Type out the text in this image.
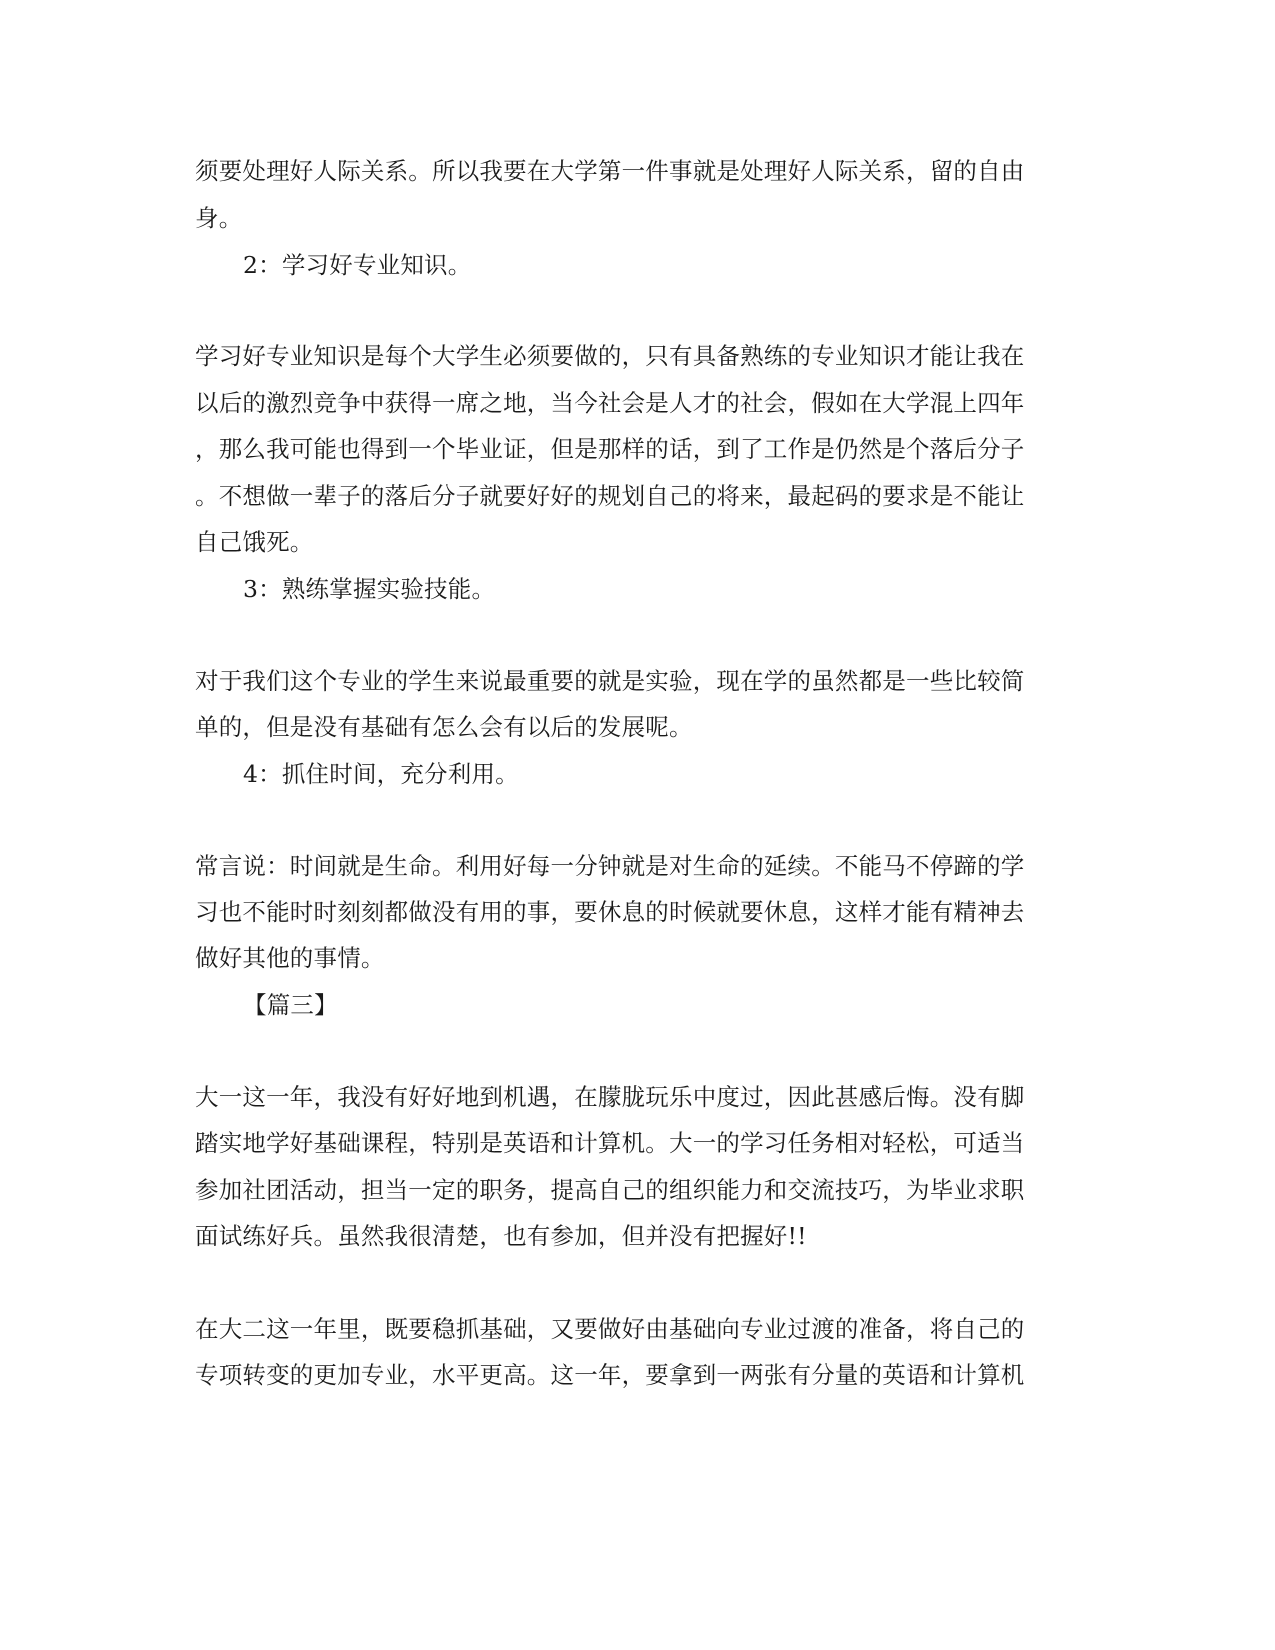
须要处理好人际关系。所以我要在大学第一件事就是处理好人际关系，留的自由
身。
2：学习好专业知识。
学习好专业知识是每个大学生必须要做的，只有具备熟练的专业知识才能让我在
以后的激烈竞争中获得一席之地，当今社会是人才的社会，假如在大学混上四年
，那么我可能也得到一个毕业证，但是那样的话，到了工作是仍然是个落后分子
。不想做一辈子的落后分子就要好好的规划自己的将来，最起码的要求是不能让
自己饿死。
3：熟练掌握实验技能。
对于我们这个专业的学生来说最重要的就是实验，现在学的虽然都是一些比较简
单的，但是没有基础有怎么会有以后的发展呢。
4：抓住时间，充分利用。
常言说：时间就是生命。利用好每一分钟就是对生命的延续。不能马不停蹄的学
习也不能时时刻刻都做没有用的事，要休息的时候就要休息，这样才能有精神去
做好其他的事情。
【篇三】
大一这一年，我没有好好地到机遇，在朦胧玩乐中度过，因此甚感后悔。没有脚
踏实地学好基础课程，特别是英语和计算机。大一的学习任务相对轻松，可适当
参加社团活动，担当一定的职务，提高自己的组织能力和交流技巧，为毕业求职
面试练好兵。虽然我很清楚，也有参加，但并没有把握好!!
在大二这一年里，既要稳抓基础，又要做好由基础向专业过渡的准备，将自己的
专项转变的更加专业，水平更高。这一年，要拿到一两张有分量的英语和计算机
